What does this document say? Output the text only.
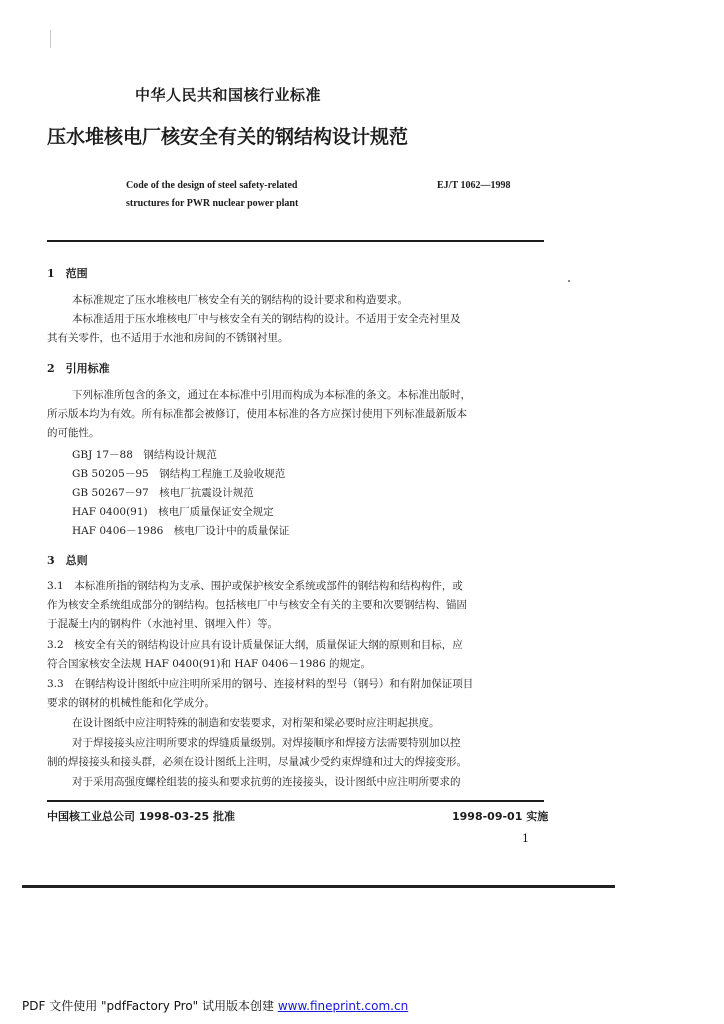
中华人民共和国核行业标准
压水堆核电厂核安全有关的钢结构设计规范
Code of the design of steel safety-related
structures for PWR nuclear power plant
EJ/T 1062—1998
1　范围
本标准规定了压水堆核电厂核安全有关的钢结构的设计要求和构造要求。
本标准适用于压水堆核电厂中与核安全有关的钢结构的设计。不适用于安全壳衬里及
其有关零件，也不适用于水池和房间的不锈钢衬里。
2　引用标准
下列标准所包含的条文，通过在本标准中引用而构成为本标准的条文。本标准出版时，
所示版本均为有效。所有标准都会被修订，使用本标准的各方应探讨使用下列标准最新版本
的可能性。
GBJ 17－88　钢结构设计规范
GB 50205－95　钢结构工程施工及验收规范
GB 50267－97　核电厂抗震设计规范
HAF 0400(91)　核电厂质量保证安全规定
HAF 0406－1986　核电厂设计中的质量保证
3　总则
3.1　本标准所指的钢结构为支承、围护或保护核安全系统或部件的钢结构和结构构件，或
作为核安全系统组成部分的钢结构。包括核电厂中与核安全有关的主要和次要钢结构、锚固
于混凝土内的钢构件（水池衬里、钢埋入件）等。
3.2　核安全有关的钢结构设计应具有设计质量保证大纲，质量保证大纲的原则和目标，应
符合国家核安全法规 HAF 0400(91)和 HAF 0406－1986 的规定。
3.3　在钢结构设计图纸中应注明所采用的钢号、连接材料的型号（钢号）和有附加保证项目
要求的钢材的机械性能和化学成分。
在设计图纸中应注明特殊的制造和安装要求，对桁架和梁必要时应注明起拱度。
对于焊接接头应注明所要求的焊缝质量级别。对焊接顺序和焊接方法需要特别加以控
制的焊接接头和接头群，必须在设计图纸上注明，尽量减少受约束焊缝和过大的焊接变形。
对于采用高强度螺栓组装的接头和要求抗剪的连接接头，设计图纸中应注明所要求的
中国核工业总公司 1998-03-25 批准	1998-09-01 实施
1
PDF 文件使用 "pdfFactory Pro" 试用版本创建 www.fineprint.com.cn
